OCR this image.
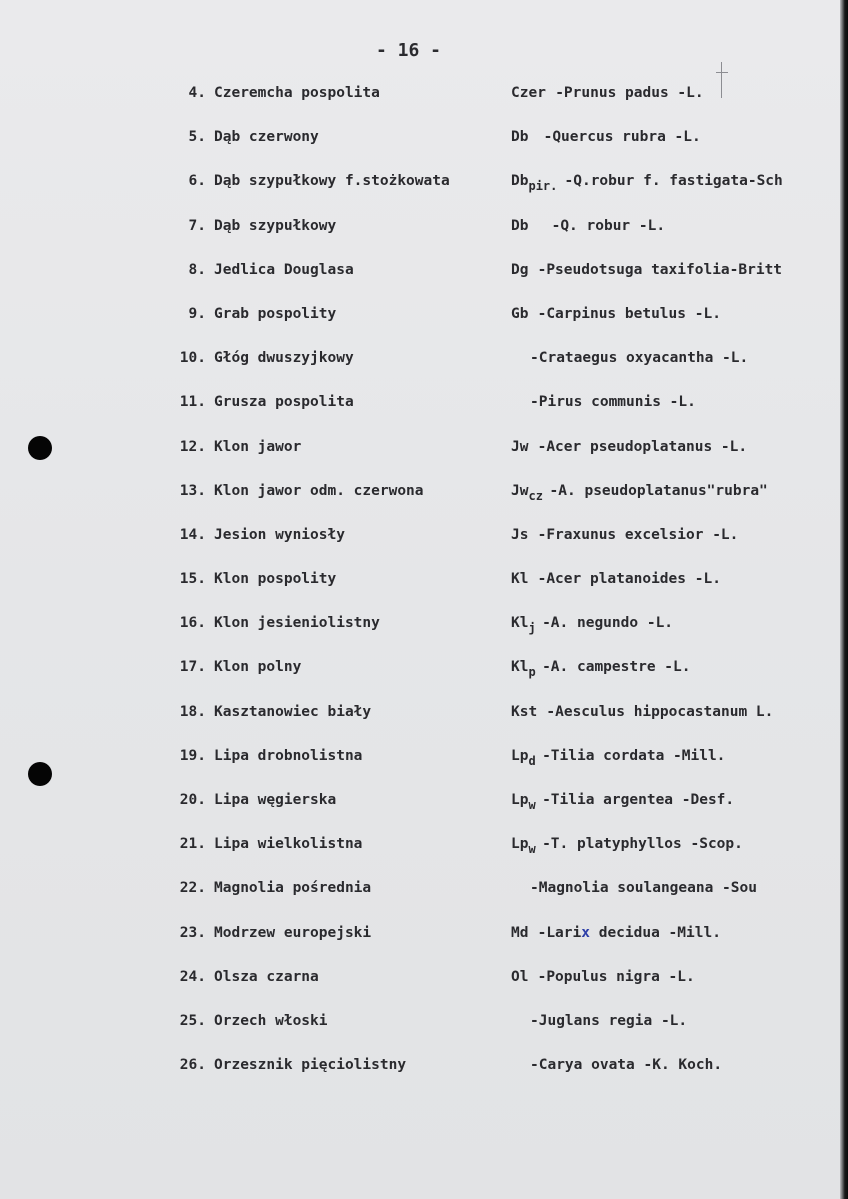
- 16 -
4. Czeremcha pospolita	Czer -Prunus padus -L.
5. Dąb czerwony	Db -Quercus rubra -L.
6. Dąb szypułkowy f.stożkowata	$Db_{pir.}$ -Q.robur f. fastigata-Sch
7. Dąb szypułkowy	Db -Q. robur -L.
8. Jedlica Douglasa	Dg -Pseudotsuga taxifolia-Britt
9. Grab pospolity	Gb -Carpinus betulus -L.
10. Głóg dwuszyjkowy	-Crataegus oxyacantha -L.
11. Grusza pospolita	-Pirus communis -L.
12. Klon jawor	Jw -Acer pseudoplatanus -L.
13. Klon jawor odm. czerwona	$Jw_{cz}$ -A. pseudoplatanus"rubra"
14. Jesion wyniosły	Js -Fraxunus excelsior -L.
15. Klon pospolity	Kl -Acer platanoides -L.
16. Klon jesieniolistny	$Kl_j$ -A. negundo -L.
17. Klon polny	$Kl_p$ -A. campestre -L.
18. Kasztanowiec biały	Kst -Aesculus hippocastanum L.
19. Lipa drobnolistna	$Lp_d$ -Tilia cordata -Mill.
20. Lipa węgierska	$Lp_w$ -Tilia argentea -Desf.
21. Lipa wielkolistna	$Lp_w$ -T. platyphyllos -Scop.
22. Magnolia pośrednia	-Magnolia soulangeana -Sou
23. Modrzew europejski	Md -Larix decidua -Mill.
24. Olsza czarna	Ol -Populus nigra -L.
25. Orzech włoski	-Juglans regia -L.
26. Orzesznik pięciolistny	-Carya ovata -K. Koch.
